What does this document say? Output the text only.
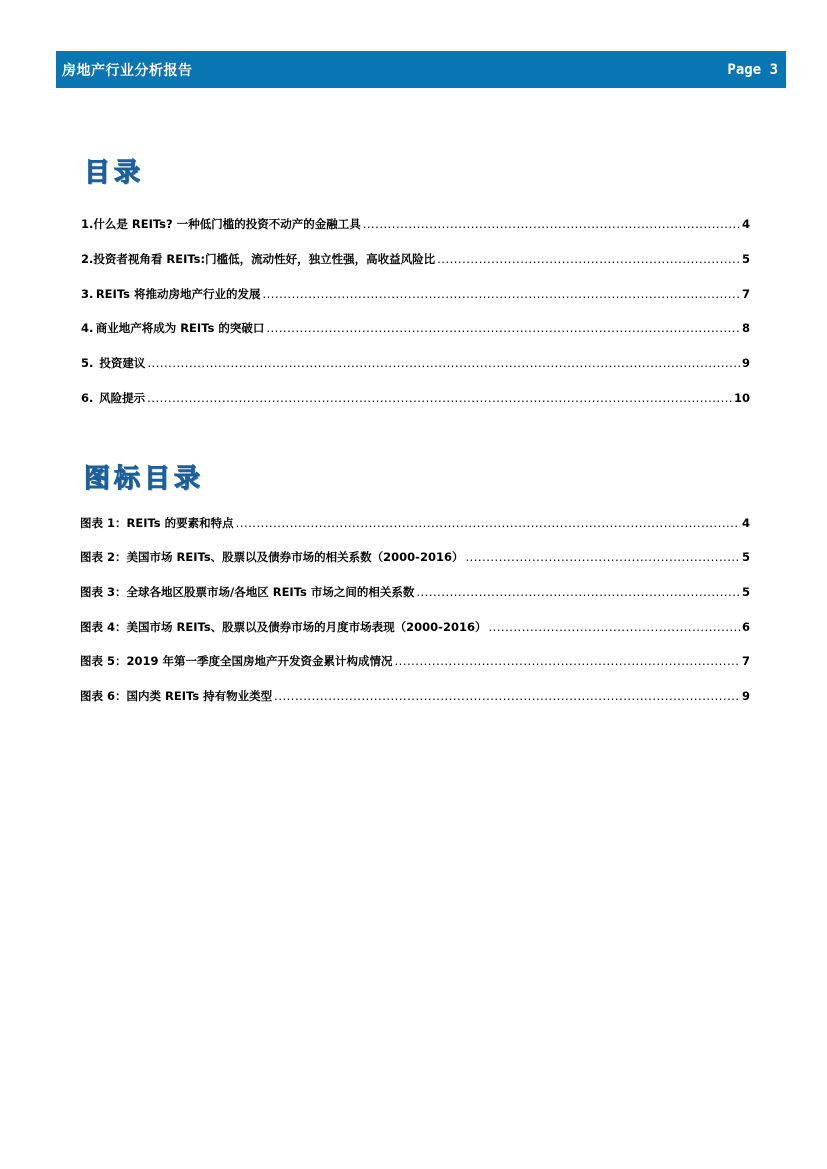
房地产行业分析报告	Page 3
目录
1. 什么是 REITs? 一种低门槛的投资不动产的金融工具 .....	4
2. 投资者视角看 REITs:门槛低，流动性好，独立性强，高收益风险比 .....	5
3. REITs 将推动房地产行业的发展 .....	7
4. 商业地产将成为 REITs 的突破口 .....	8
5. 投资建议 .....	9
6. 风险提示 .....	10
图标目录
图表 1：REITs 的要素和特点 .....	4
图表 2：美国市场 REITs、股票以及债券市场的相关系数（2000-2016） .....	5
图表 3：全球各地区股票市场/各地区 REITs 市场之间的相关系数 .....	5
图表 4：美国市场 REITs、股票以及债券市场的月度市场表现（2000-2016） .....	6
图表 5：2019 年第一季度全国房地产开发资金累计构成情况 .....	7
图表 6：国内类 REITs 持有物业类型 .....	9
